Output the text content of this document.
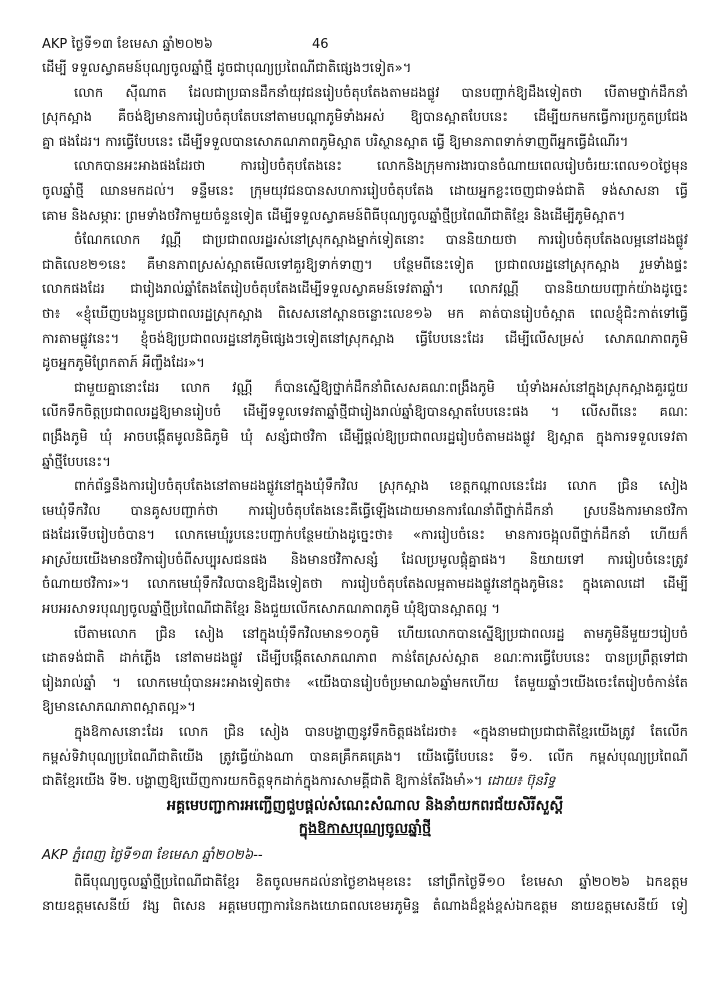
AKP ថ្ងៃទី១៣ ខែមេសា ឆ្នាំ២០២៦	46
ដើម្បី ទទួលស្វាគមន៍បុណ្យចូលឆ្នាំថ្មី ដូចជាបុណ្យប្រពៃណីជាតិផ្សេងៗទៀត»។
លោក ស៊ីណាត ដែលជាប្រធានដឹកនាំយុវជនរៀបចំតុបតែងតាមដងផ្លូវ បានបញ្ជាក់ឱ្យដឹងទៀតថា បើតាមថ្នាក់ដឹកនាំ
ស្រុកស្អាង គឺចង់ឱ្យមានការរៀបចំតុបតែបនៅតាមបណ្តាភូមិទាំងអស់ ឱ្យបានស្អាតបែបនេះ ដើម្បីយកមកធ្វើការប្រកួតប្រជែង
គ្នា ផងដែរ។ ការធ្វើបែបនេះ ដើម្បីទទួលបានសោភណភាពភូមិស្អាត បរិស្ថានស្អាត ធ្វើ ឱ្យមានភាពទាក់ទាញពីអ្នកធ្វើដំណើរ។
លោកបានអះអាងផងដែរថា ការរៀបចំតុបតែងនេះ លោកនិងក្រុមការងារបានចំណាយពេលរៀបចំរយៈពេល១០ថ្ងៃមុន
ចូលឆ្នាំថ្មី ឈានមកដល់។ ទន្ទឹមនេះ ក្រុមយុវជនបានសហការរៀបចំតុបតែង ដោយអ្នកខ្លះចេញជាទង់ជាតិ ទង់សាសនា ធ្វើ
គោម និងសម្ភារៈ ព្រមទាំងថវិកាមួយចំនួនទៀត ដើម្បីទទួលស្វាគមន៍ពិធីបុណ្យចូលឆ្នាំថ្មីប្រពៃណីជាតិខ្មែរ និងដើម្បីភូមិស្អាត។
ចំណែកលោក វណ្ណី ជាប្រជាពលរដ្ឋរស់នៅស្រុកស្អាងម្នាក់ទៀតនោះ បាននិយាយថា ការរៀបចំតុបតែងលម្អនៅដងផ្លូវ
ជាតិលេខ២១នេះ គឺមានភាពស្រស់ស្អាតមើលទៅគួរឱ្យទាក់ទាញ។ បន្ថែមពីនេះទៀត ប្រជាពលរដ្ឋនៅស្រុកស្អាង រួមទាំងផ្ទះ
លោកផងដែរ ជារៀងរាល់ឆ្នាំតែងតែរៀបចំតុបតែងដើម្បីទទួលស្វាគមន៍ទេវតាឆ្នាំ។ លោកវណ្ណី បាននិយាយបញ្ជាក់យ៉ាងដូច្នេះ
ថា៖ «ខ្ញុំឃើញបងប្អូនប្រជាពលរដ្ឋស្រុកស្អាង ពិសេសនៅស្ពានចន្លោះលេខ១៦ មក គាត់បានរៀបចំស្អាត ពេលខ្ញុំជិះកាត់ទៅធ្វើ
ការតាមផ្លូវនេះ។ ខ្ញុំចង់ឱ្យប្រជាពលរដ្ឋនៅភូមិផ្សេងៗទៀតនៅស្រុកស្អាង ធ្វើបែបនេះដែរ ដើម្បីលើសម្រស់ សោភណភាពភូមិ
ដូចអ្នកភូមិព្រែកតាភ៍ អីញ្ចឹងដែរ»។
ជាមួយគ្នានោះដែរ លោក វណ្ណី ក៏បានស្នើឱ្យថ្នាក់ដឹកនាំពិសេសគណៈពង្រឹងភូមិ ឃុំទាំងអស់នៅក្នុងស្រុកស្អាងគួរជួយ
លើកទឹកចិត្តប្រជាពលរដ្ឋឱ្យមានរៀបចំ ដើម្បីទទួលទេវតាឆ្នាំថ្មីជារៀងរាល់ឆ្នាំឱ្យបានស្អាតបែបនេះផង ។ លើសពីនេះ គណៈ
ពង្រឹងភូមិ ឃុំ អាចបង្កើតមូលនិធិភូមិ ឃុំ សន្សំជាថវិកា ដើម្បីផ្តល់ឱ្យប្រជាពលរដ្ឋរៀបចំតាមដងផ្លូវ ឱ្យស្អាត ក្នុងការទទួលទេវតា
ឆ្នាំថ្មីបែបនេះ។
ពាក់ព័ន្ធនឹងការរៀបចំតុបតែងនៅតាមដងផ្លូវនៅក្នុងឃុំទឹកវិល ស្រុកស្អាង ខេត្តកណ្តាលនេះដែរ លោក ជ្រិន សៀង
មេឃុំទឹកវិល បានគូសបញ្ជាក់ថា ការរៀបចំតុបតែងនេះគឺធ្វើឡើងដោយមានការណែនាំពីថ្នាក់ដឹកនាំ ស្របនឹងការមានថវិកា
ផងដែរទើបរៀបចំបាន។ លោកមេឃុំរូបនេះបញ្ជាក់បន្ថែមយ៉ាងដូច្នេះថា៖ «ការរៀបចំនេះ មានការចង្អុលពីថ្នាក់ដឹកនាំ ហើយក៏
អាស្រ័យយើងមានថវិការៀបចំពីសប្បុរសជនផង និងមានថវិកាសន្សំ ដែលប្រមូលផ្តុំគ្នាផង។ និយាយទៅ ការរៀបចំនេះត្រូវ
ចំណាយថវិការ»។ លោកមេឃុំទឹកវិលបានឱ្យដឹងទៀតថា ការរៀបចំតុបតែងលម្អតាមដងផ្លូវនៅក្នុងភូមិនេះ ក្នុងគោលដៅ ដើម្បី
អបអរសាទរបុណ្យចូលឆ្នាំថ្មីប្រពៃណីជាតិខ្មែរ និងជួយលើកសោភណភាពភូមិ ឃុំឱ្យបានស្អាតល្អ ។
បើតាមលោក ជ្រិន សៀង នៅក្នុងឃុំទឹកវិលមាន១០ភូមិ ហើយលោកបានស្នើឱ្យប្រជាពលរដ្ឋ តាមភូមិនីមួយៗរៀបចំ
ដោតទង់ជាតិ ដាក់ភ្លើង នៅតាមដងផ្លូវ ដើម្បីបង្កើតសោភណភាព កាន់តែស្រស់ស្អាត ខណៈការធ្វើបែបនេះ បានប្រព្រឹត្តទៅជា
រៀងរាល់ឆ្នាំ ។ លោកមេឃុំបានអះអាងទៀតថា៖ «យើងបានរៀបចំប្រមាណ៦ឆ្នាំមកហើយ តែមួយឆ្នាំៗយើងចេះតែរៀបចំកាន់តែ
ឱ្យមានសោភណភាពស្អាតល្អ»។
ក្នុងឱកាសនោះដែរ លោក ជ្រិន សៀង បានបង្ហាញនូវទឹកចិត្តផងដែរថា៖ «ក្នុងនាមជាប្រជាជាតិខ្មែរយើងត្រូវ តែលើក
កម្ពស់ទិវាបុណ្យប្រពៃណីជាតិយើង ត្រូវធ្វើយ៉ាងណា បានគគ្រឹកគគ្រេង។ យើងធ្វើបែបនេះ ទី១. លើក កម្ពស់បុណ្យប្រពៃណី
ជាតិខ្មែរយើង ទី២. បង្ហាញឱ្យឃើញការយកចិត្តទុកដាក់ក្នុងការសាមគ្គីជាតិ ឱ្យកាន់តែរឹងមាំ»។ ដោយ៖ ប៊ុនរិទ្ធ
អគ្គមេបញ្ជាការអញ្ជើញជួបផ្តល់សំណេះសំណាល និងនាំយកពរជ័យសិរីសួស្តី
ក្នុងឱកាសបុណ្យចូលឆ្នាំថ្មី
AKP ភ្នំពេញ ថ្ងៃទី១៣ ខែមេសា ឆ្នាំ២០២៦--
ពិធីបុណ្យចូលឆ្នាំថ្មីប្រពៃណីជាតិខ្មែរ ខិតចូលមកដល់នាថ្ងៃខាងមុខនេះ នៅព្រឹកថ្ងៃទី១០ ខែមេសា ឆ្នាំ២០២៦ ឯកឧត្តម
នាយឧត្តមសេនីយ៍ វង្ស ពិសេន អគ្គមេបញ្ជាការនៃកងយោធពលខេមរភូមិន្ទ តំណាងដ៏ខ្ពង់ខ្ពស់ឯកឧត្តម នាយឧត្តមសេនីយ៍ ទៀ
